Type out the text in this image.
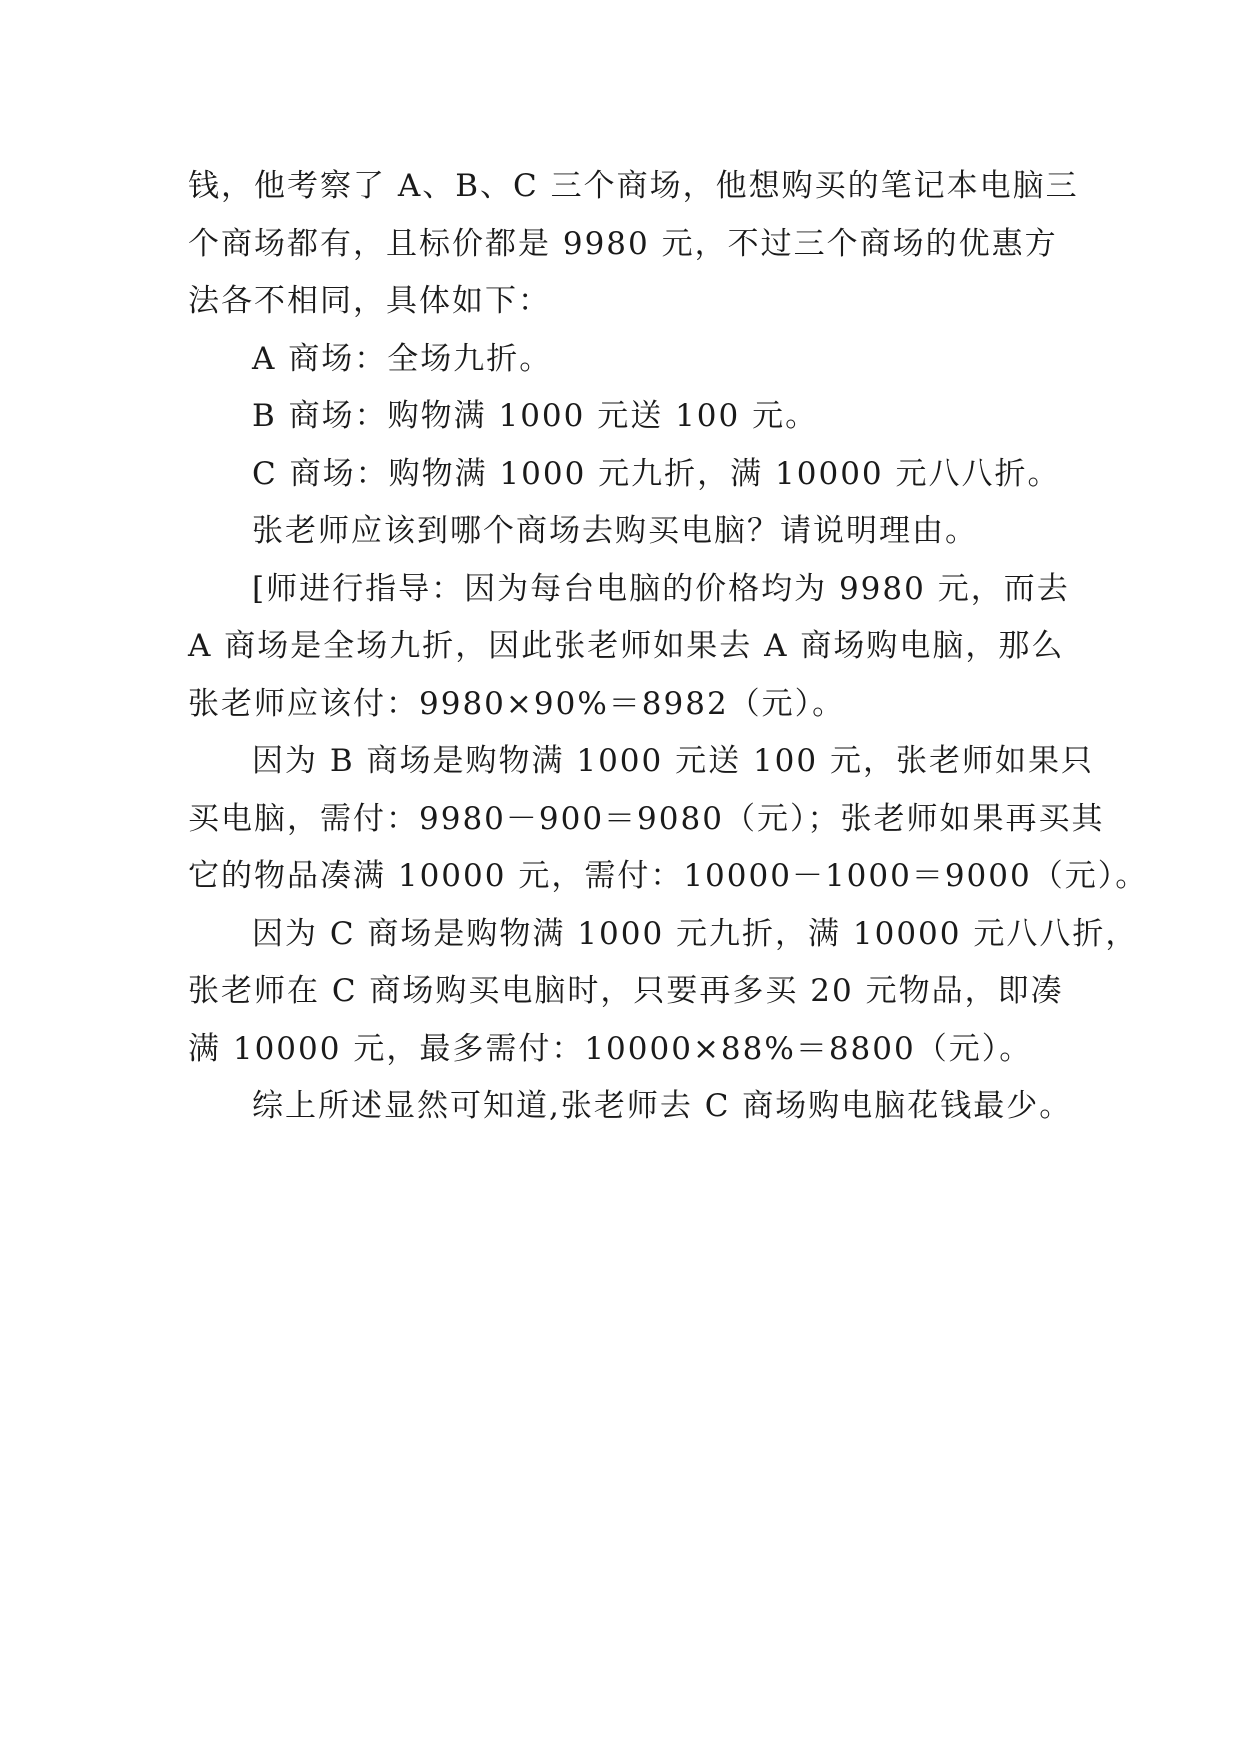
钱，他考察了 A、B、C 三个商场，他想购买的笔记本电脑三
个商场都有，且标价都是 9980 元，不过三个商场的优惠方
法各不相同，具体如下：
A 商场：全场九折。
B 商场：购物满 1000 元送 100 元。
C 商场：购物满 1000 元九折，满 10000 元八八折。
张老师应该到哪个商场去购买电脑？请说明理由。
[师进行指导：因为每台电脑的价格均为 9980 元，而去
A 商场是全场九折，因此张老师如果去 A 商场购电脑，那么
张老师应该付：9980×90%＝8982（元）。
因为 B 商场是购物满 1000 元送 100 元，张老师如果只
买电脑，需付：9980－900＝9080（元）；张老师如果再买其
它的物品凑满 10000 元，需付：10000－1000＝9000（元）。
因为 C 商场是购物满 1000 元九折，满 10000 元八八折，
张老师在 C 商场购买电脑时，只要再多买 20 元物品，即凑
满 10000 元，最多需付：10000×88%＝8800（元）。
综上所述显然可知道,张老师去 C 商场购电脑花钱最少。
